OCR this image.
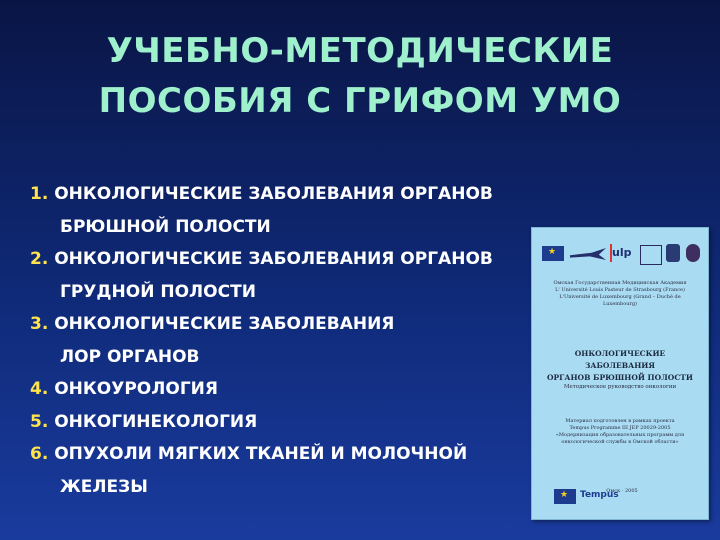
УЧЕБНО-МЕТОДИЧЕСКИЕ
ПОСОБИЯ С ГРИФОМ УМО
1. ОНКОЛОГИЧЕСКИЕ ЗАБОЛЕВАНИЯ ОРГАНОВ
БРЮШНОЙ ПОЛОСТИ
2. ОНКОЛОГИЧЕСКИЕ ЗАБОЛЕВАНИЯ ОРГАНОВ
ГРУДНОЙ ПОЛОСТИ
3. ОНКОЛОГИЧЕСКИЕ ЗАБОЛЕВАНИЯ
ЛОР ОРГАНОВ
4. ОНКОУРОЛОГИЯ
5. ОНКОГИНЕКОЛОГИЯ
6. ОПУХОЛИ МЯГКИХ ТКАНЕЙ И МОЛОЧНОЙ
ЖЕЛЕЗЫ
★
ulp
Омская Государственная Медицинская Академия
L' Université Louis Pasteur de Strasbourg (France)
L'Université de Luxembourg (Grand – Duché de Luxembourg)
ОНКОЛОГИЧЕСКИЕ ЗАБОЛЕВАНИЯ
ОРГАНОВ БРЮШНОЙ ПОЛОСТИ
Методическое руководство онкологии
Материал подготовлен в рамках проекта
Tempus Programme III JEP 20029-2005
«Модернизация образовательных программ для
онкологической службы в Омской области»
★
Tempus
Омск · 2005
